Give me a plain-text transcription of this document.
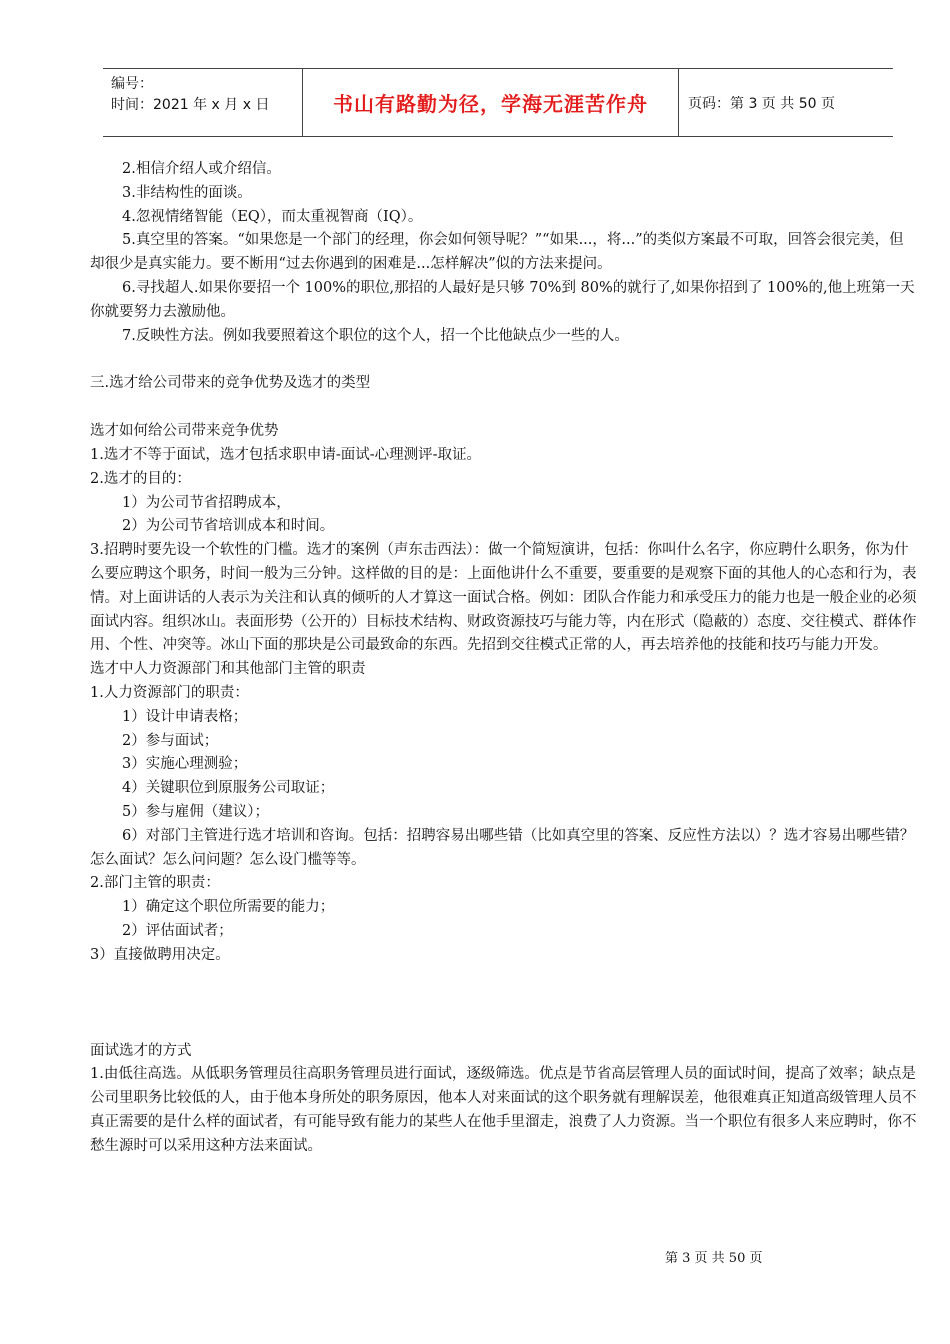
编号：
时间：2021 年 x 月 x 日	书山有路勤为径，学海无涯苦作舟	页码：第 3 页 共 50 页

2.相信介绍人或介绍信。

3.非结构性的面谈。

4.忽视情绪智能（EQ），而太重视智商（IQ）。

5.真空里的答案。“如果您是一个部门的经理，你会如何领导呢？”“如果...，将...”的类似方案最不可取，回答会很完美，但却很少是真实能力。要不断用“过去你遇到的困难是...怎样解决”似的方法来提问。

6.寻找超人.如果你要招一个 100%的职位,那招的人最好是只够 70%到 80%的就行了,如果你招到了 100%的,他上班第一天你就要努力去激励他。

7.反映性方法。例如我要照着这个职位的这个人，招一个比他缺点少一些的人。

三.选才给公司带来的竞争优势及选才的类型

选才如何给公司带来竞争优势

1.选才不等于面试，选才包括求职申请-面试-心理测评-取证。

2.选才的目的：

1）为公司节省招聘成本，

2）为公司节省培训成本和时间。

3.招聘时要先设一个软性的门槛。选才的案例（声东击西法）：做一个简短演讲，包括：你叫什么名字，你应聘什么职务，你为什么要应聘这个职务，时间一般为三分钟。这样做的目的是：上面他讲什么不重要，要重要的是观察下面的其他人的心态和行为，表情。对上面讲话的人表示为关注和认真的倾听的人才算这一面试合格。例如：团队合作能力和承受压力的能力也是一般企业的必须面试内容。组织冰山。表面形势（公开的）目标技术结构、财政资源技巧与能力等，内在形式（隐蔽的）态度、交往模式、群体作用、个性、冲突等。冰山下面的那块是公司最致命的东西。先招到交往模式正常的人，再去培养他的技能和技巧与能力开发。

选才中人力资源部门和其他部门主管的职责

1.人力资源部门的职责：

1）设计申请表格；

2）参与面试；

3）实施心理测验；

4）关键职位到原服务公司取证；

5）参与雇佣（建议）；

6）对部门主管进行选才培训和咨询。包括：招聘容易出哪些错（比如真空里的答案、反应性方法以）？选才容易出哪些错？怎么面试？怎么问问题？怎么设门槛等等。

2.部门主管的职责：

1）确定这个职位所需要的能力；

2）评估面试者；

3）直接做聘用决定。

面试选才的方式

1.由低往高选。从低职务管理员往高职务管理员进行面试，逐级筛选。优点是节省高层管理人员的面试时间，提高了效率；缺点是公司里职务比较低的人，由于他本身所处的职务原因，他本人对来面试的这个职务就有理解误差，他很难真正知道高级管理人员不真正需要的是什么样的面试者，有可能导致有能力的某些人在他手里溜走，浪费了人力资源。当一个职位有很多人来应聘时，你不愁生源时可以采用这种方法来面试。

第 3 页 共 50 页
